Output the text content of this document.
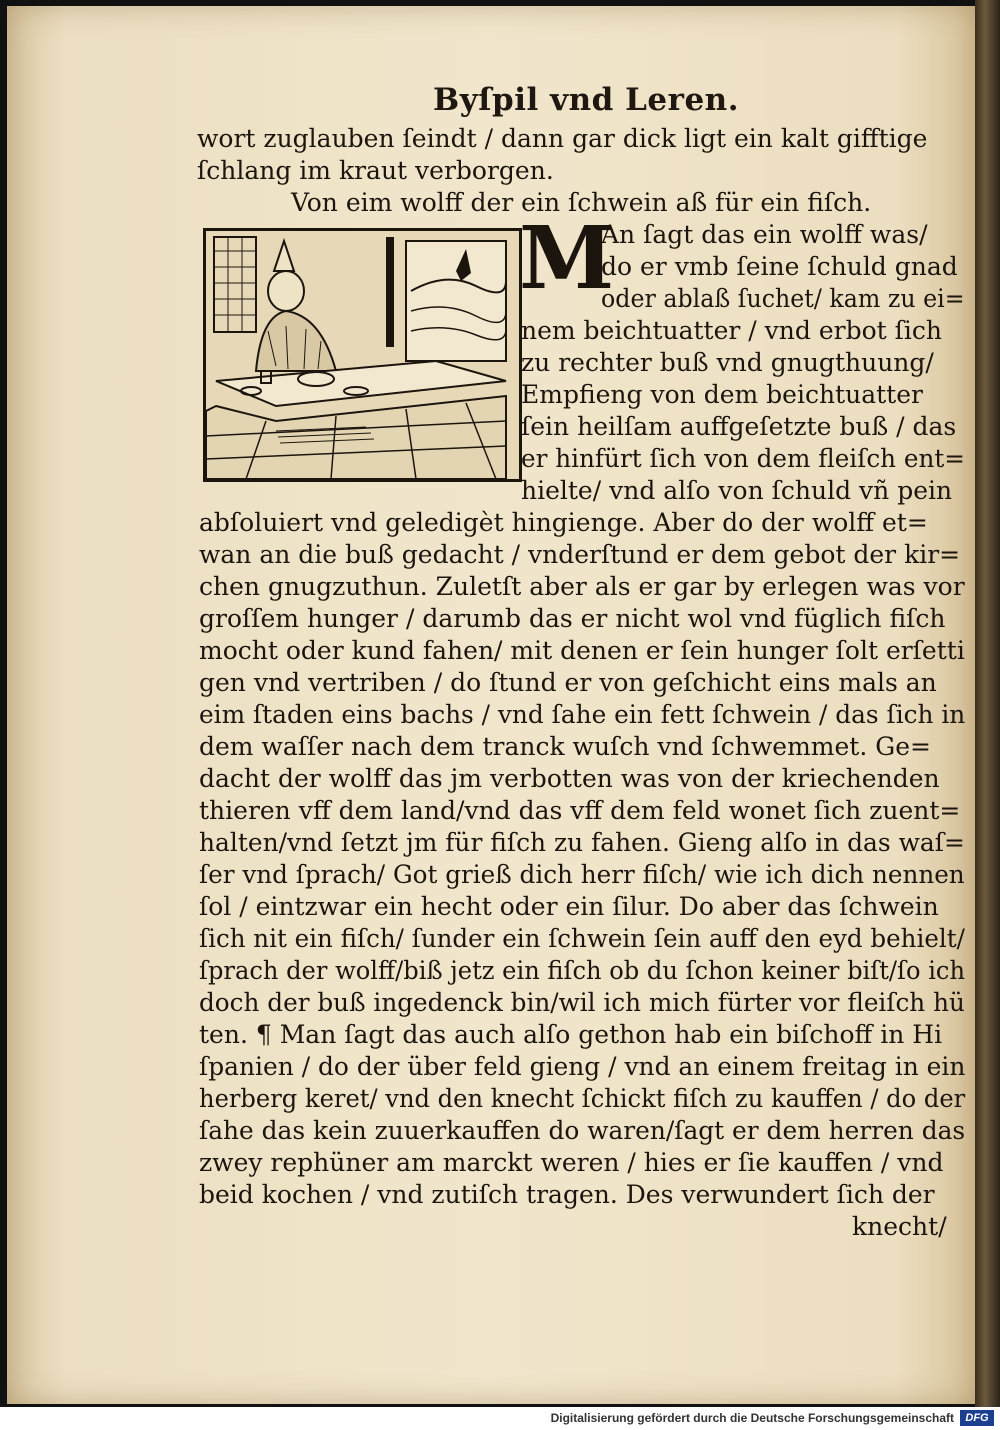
Byſpil vnd Leren.
wort zuglauben ſeindt / dann gar dick ligt ein kalt gifftige
ſchlang im kraut verborgen.
Von eim wolff der ein ſchwein aß für ein fiſch.
M
An ſagt das ein wolff was/
do er vmb ſeine ſchuld gnad
oder ablaß ſuchet/ kam zu ei=
nem beichtuatter / vnd erbot ſich
zu rechter buß vnd gnugthuung/
Empfieng von dem beichtuatter
ſein heilſam auffgeſetzte buß / das
er hinfürt ſich von dem fleiſch ent=
hielte/ vnd alſo von ſchuld vñ pein
abſoluiert vnd geledigèt hingienge. Aber do der wolff et=
wan an die buß gedacht / vnderſtund er dem gebot der kir=
chen gnugzuthun. Zuletſt aber als er gar by erlegen was vor
groſſem hunger / darumb das er nicht wol vnd füglich fiſch
mocht oder kund fahen/ mit denen er ſein hunger ſolt erſetti
gen vnd vertriben / do ſtund er von geſchicht eins mals an
eim ſtaden eins bachs / vnd ſahe ein fett ſchwein / das ſich in
dem waſſer nach dem tranck wuſch vnd ſchwemmet. Ge=
dacht der wolff das jm verbotten was von der kriechenden
thieren vff dem land/vnd das vff dem feld wonet ſich zuent=
halten/vnd ſetzt jm für fiſch zu fahen. Gieng alſo in das waſ=
ſer vnd ſprach/ Got grieß dich herr fiſch/ wie ich dich nennen
ſol / eintzwar ein hecht oder ein ſilur. Do aber das ſchwein
ſich nit ein fiſch/ ſunder ein ſchwein ſein auff den eyd behielt/
ſprach der wolff/biß jetz ein fiſch ob du ſchon keiner biſt/ſo ich
doch der buß ingedenck bin/wil ich mich fürter vor fleiſch hü
ten. ¶ Man ſagt das auch alſo gethon hab ein biſchoff in Hi
ſpanien / do der über feld gieng / vnd an einem freitag in ein
herberg keret/ vnd den knecht ſchickt fiſch zu kauffen / do der
ſahe das kein zuuerkauffen do waren/ſagt er dem herren das
zwey rephüner am marckt weren / hies er ſie kauffen / vnd
beid kochen / vnd zutiſch tragen. Des verwundert ſich der
knecht/
Digitalisierung gefördert durch die Deutsche Forschungsgemeinschaft	DFG
